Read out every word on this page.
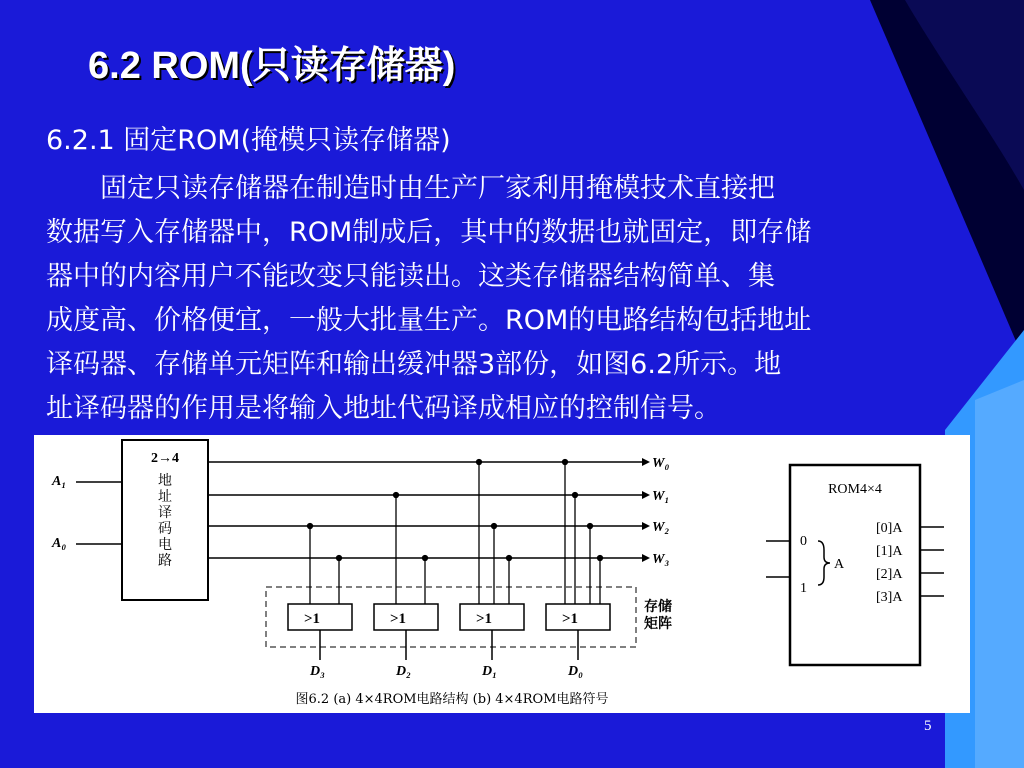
6.2 ROM(只读存储器)
6.2.1 固定ROM(掩模只读存储器)
　　固定只读存储器在制造时由生产厂家利用掩模技术直接把
数据写入存储器中，ROM制成后，其中的数据也就固定，即存储
器中的内容用户不能改变只能读出。这类存储器结构简单、集
成度高、价格便宜，一般大批量生产。ROM的电路结构包括地址
译码器、存储单元矩阵和输出缓冲器3部份，如图6.2所示。地
址译码器的作用是将输入地址代码译成相应的控制信号。
2→4
地
址
译
码
电
路
A₁
A₀
W₀
W₁
W₂
W₃
存储
矩阵
>1	>1	>1	>1
D₃	D₂	D₁	D₀
ROM4×4
[0]A
[1]A
[2]A
[3]A
0
1
A
图6.2 (a) 4×4ROM电路结构 (b) 4×4ROM电路符号
5
